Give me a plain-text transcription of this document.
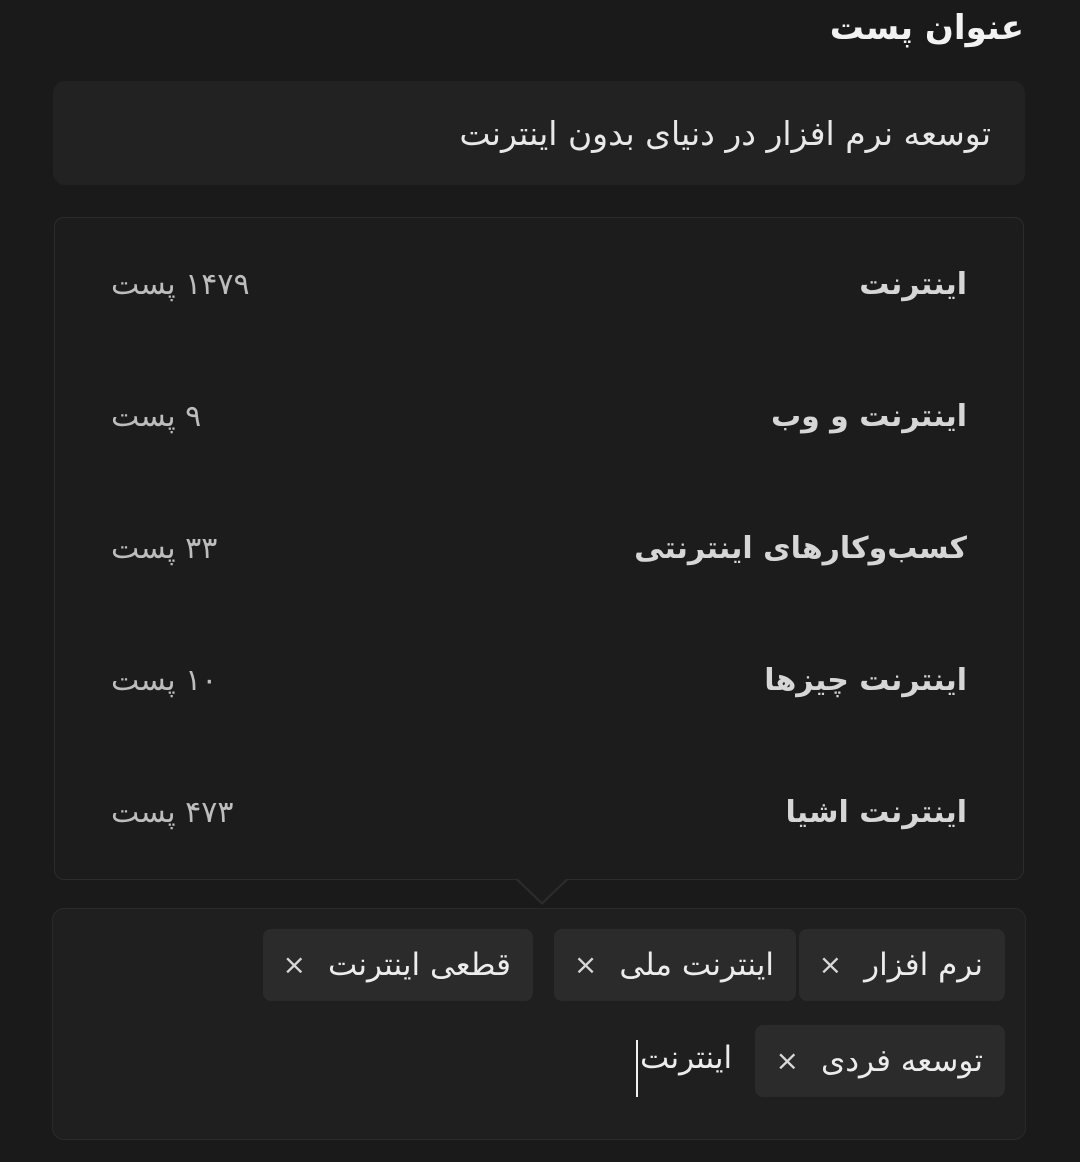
عنوان پست
توسعه نرم افزار در دنیای بدون اینترنت
اینترنت
۱۴۷۹ پست
اینترنت و وب
۹ پست
کسب‌وکارهای اینترنتی
۳۳ پست
اینترنت چیزها
۱۰ پست
اینترنت اشیا
۴۷۳ پست
نرم افزار
×
اینترنت ملی
×
قطعی اینترنت
×
توسعه فردی
×
اینترنت
